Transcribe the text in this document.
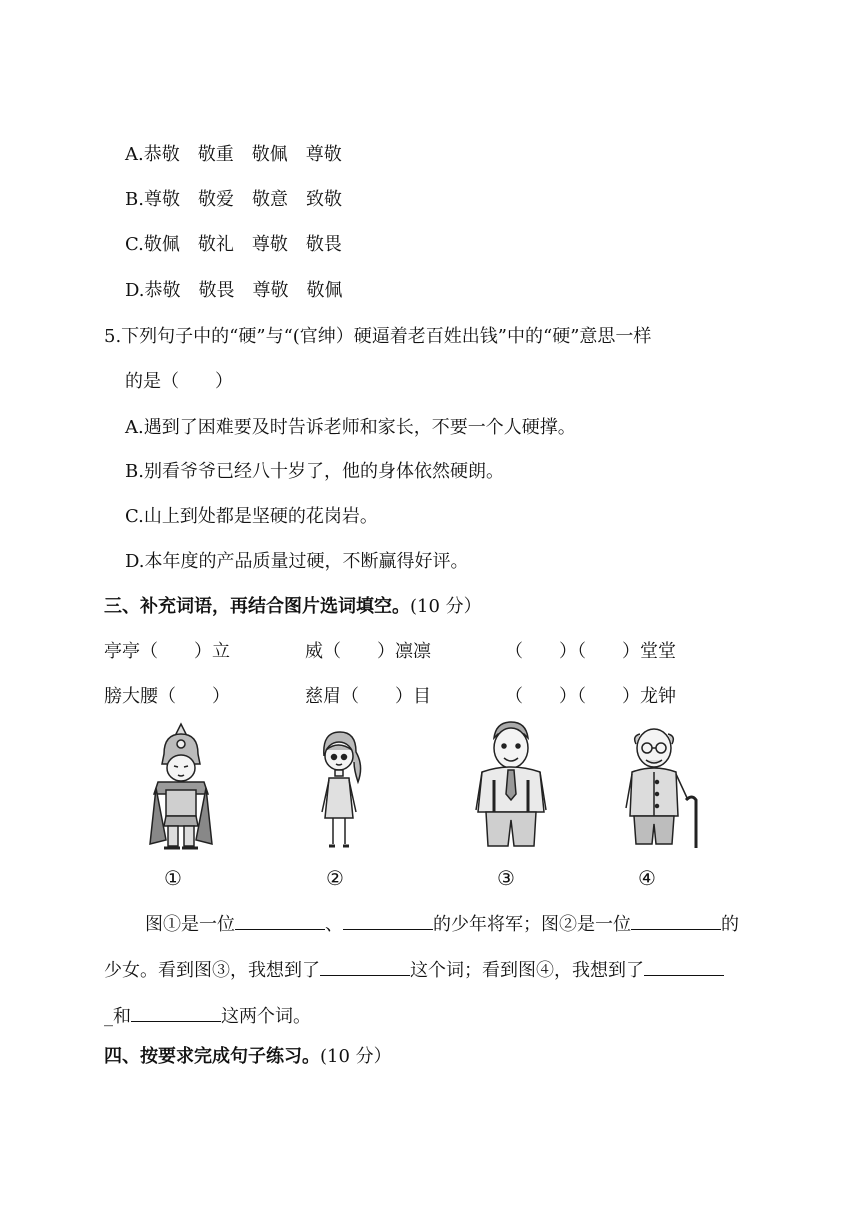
A.恭敬　敬重　敬佩　尊敬
B.尊敬　敬爱　敬意　致敬
C.敬佩　敬礼　尊敬　敬畏
D.恭敬　敬畏　尊敬　敬佩
5.下列句子中的“硬”与“(官绅）硬逼着老百姓出钱”中的“硬”意思一样
的是（　　）
A.遇到了困难要及时告诉老师和家长，不要一个人硬撑。
B.别看爷爷已经八十岁了，他的身体依然硬朗。
C.山上到处都是坚硬的花岗岩。
D.本年度的产品质量过硬，不断赢得好评。
三、补充词语，再结合图片选词填空。(10 分）
亭亭（　　）立	威（　　）凛凛	（　　）（　　）堂堂
膀大腰（　　）	慈眉（　　）目	（　　）（　　）龙钟
①	②	③	④
图①是一位	、	的少年将军；图②是一位	的
少女。看到图③，我想到了	这个词；看到图④，我想到了
_和	这两个词。
四、按要求完成句子练习。(10 分）
